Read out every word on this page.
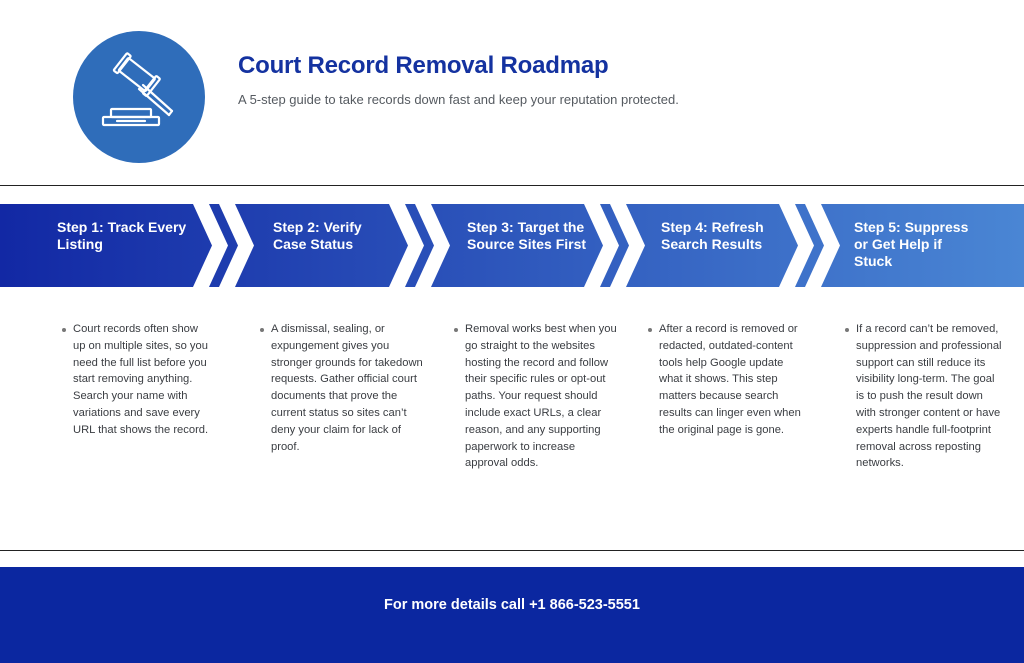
Court Record Removal Roadmap

A 5-step guide to take records down fast and keep your reputation protected.

Step 1: Track Every Listing
Step 2: Verify Case Status
Step 3: Target the Source Sites First
Step 4: Refresh Search Results
Step 5: Suppress or Get Help if Stuck
Court records often show up on multiple sites, so you need the full list before you start removing anything. Search your name with variations and save every URL that shows the record.
A dismissal, sealing, or expungement gives you stronger grounds for takedown requests. Gather official court documents that prove the current status so sites can’t deny your claim for lack of proof.
Removal works best when you go straight to the websites hosting the record and follow their specific rules or opt-out paths. Your request should include exact URLs, a clear reason, and any supporting paperwork to increase approval odds.
After a record is removed or redacted, outdated-content tools help Google update what it shows. This step matters because search results can linger even when the original page is gone.
If a record can’t be removed, suppression and professional support can still reduce its visibility long-term. The goal is to push the result down with stronger content or have experts handle full-footprint removal across reposting networks.
For more details call +1 866-523-5551
